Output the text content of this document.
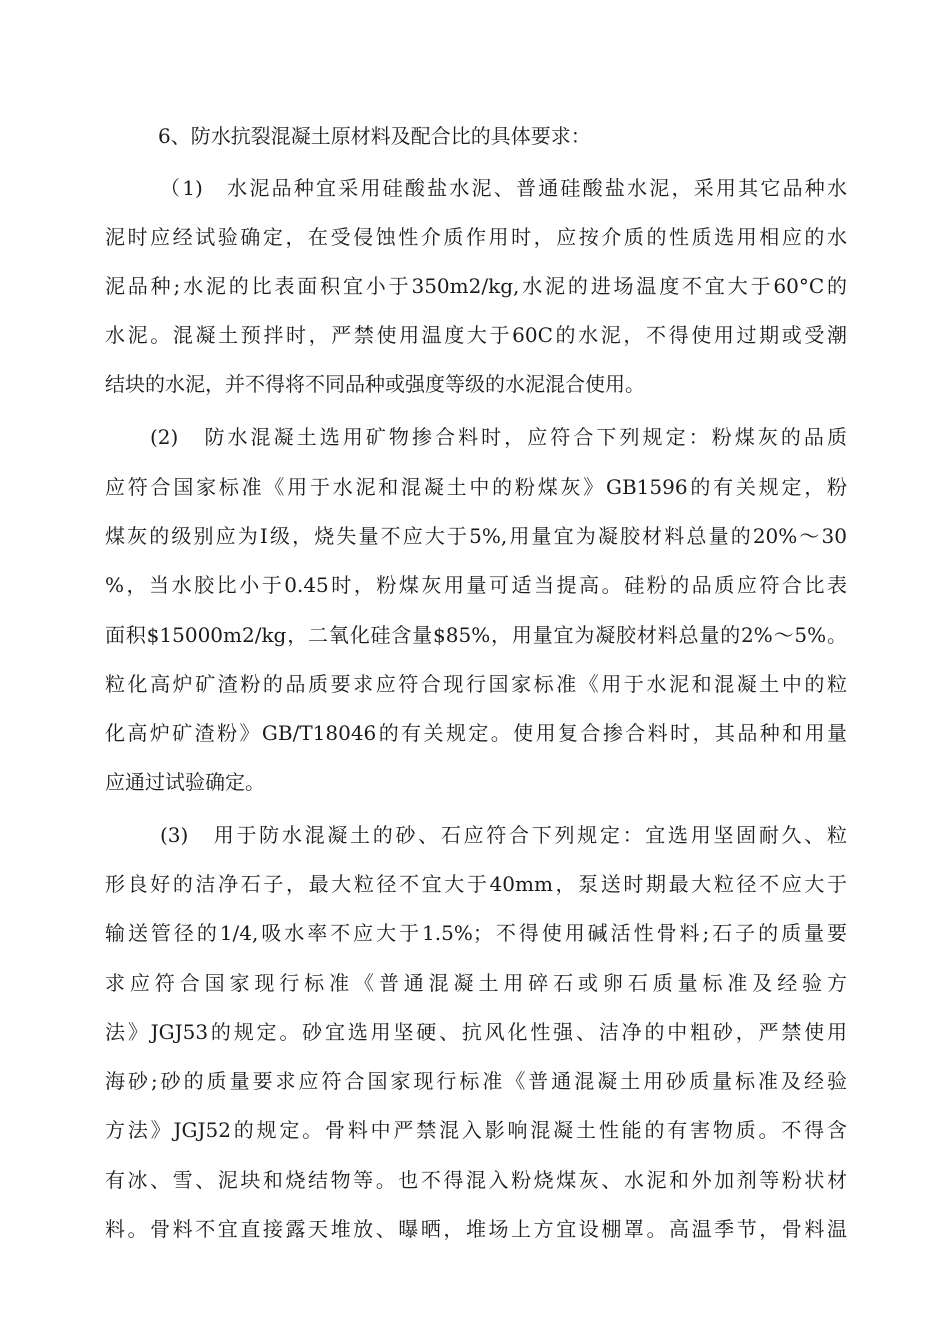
6、防水抗裂混凝土原材料及配合比的具体要求：
（1)　水泥品种宜采用硅酸盐水泥、普通硅酸盐水泥，采用其它品种水
泥时应经试验确定，在受侵蚀性介质作用时，应按介质的性质选用相应的水
泥品种;水泥的比表面积宜小于350m2/kg,水泥的进场温度不宜大于60°C的
水泥。混凝土预拌时，严禁使用温度大于60C的水泥，不得使用过期或受潮
结块的水泥，并不得将不同品种或强度等级的水泥混合使用。
(2)　防水混凝土选用矿物掺合料时，应符合下列规定：粉煤灰的品质
应符合国家标准《用于水泥和混凝土中的粉煤灰》GB1596的有关规定，粉
煤灰的级别应为Ⅰ级，烧失量不应大于5%,用量宜为凝胶材料总量的20%〜30
%，当水胶比小于0.45时，粉煤灰用量可适当提高。硅粉的品质应符合比表
面积$15000m2/kg，二氧化硅含量$85%，用量宜为凝胶材料总量的2%〜5%。
粒化高炉矿渣粉的品质要求应符合现行国家标准《用于水泥和混凝土中的粒
化高炉矿渣粉》GB/T18046的有关规定。使用复合掺合料时，其品种和用量
应通过试验确定。
(3)　用于防水混凝土的砂、石应符合下列规定：宜选用坚固耐久、粒
形良好的洁净石子，最大粒径不宜大于40mm，泵送时期最大粒径不应大于
输送管径的1/4,吸水率不应大于1.5%；不得使用碱活性骨料;石子的质量要
求应符合国家现行标准《普通混凝土用碎石或卵石质量标准及经验方
法》JGJ53的规定。砂宜选用坚硬、抗风化性强、洁净的中粗砂，严禁使用
海砂;砂的质量要求应符合国家现行标准《普通混凝土用砂质量标准及经验
方法》JGJ52的规定。骨料中严禁混入影响混凝土性能的有害物质。不得含
有冰、雪、泥块和烧结物等。也不得混入粉烧煤灰、水泥和外加剂等粉状材
料。骨料不宜直接露天堆放、曝晒，堆场上方宜设棚罩。高温季节，骨料温
